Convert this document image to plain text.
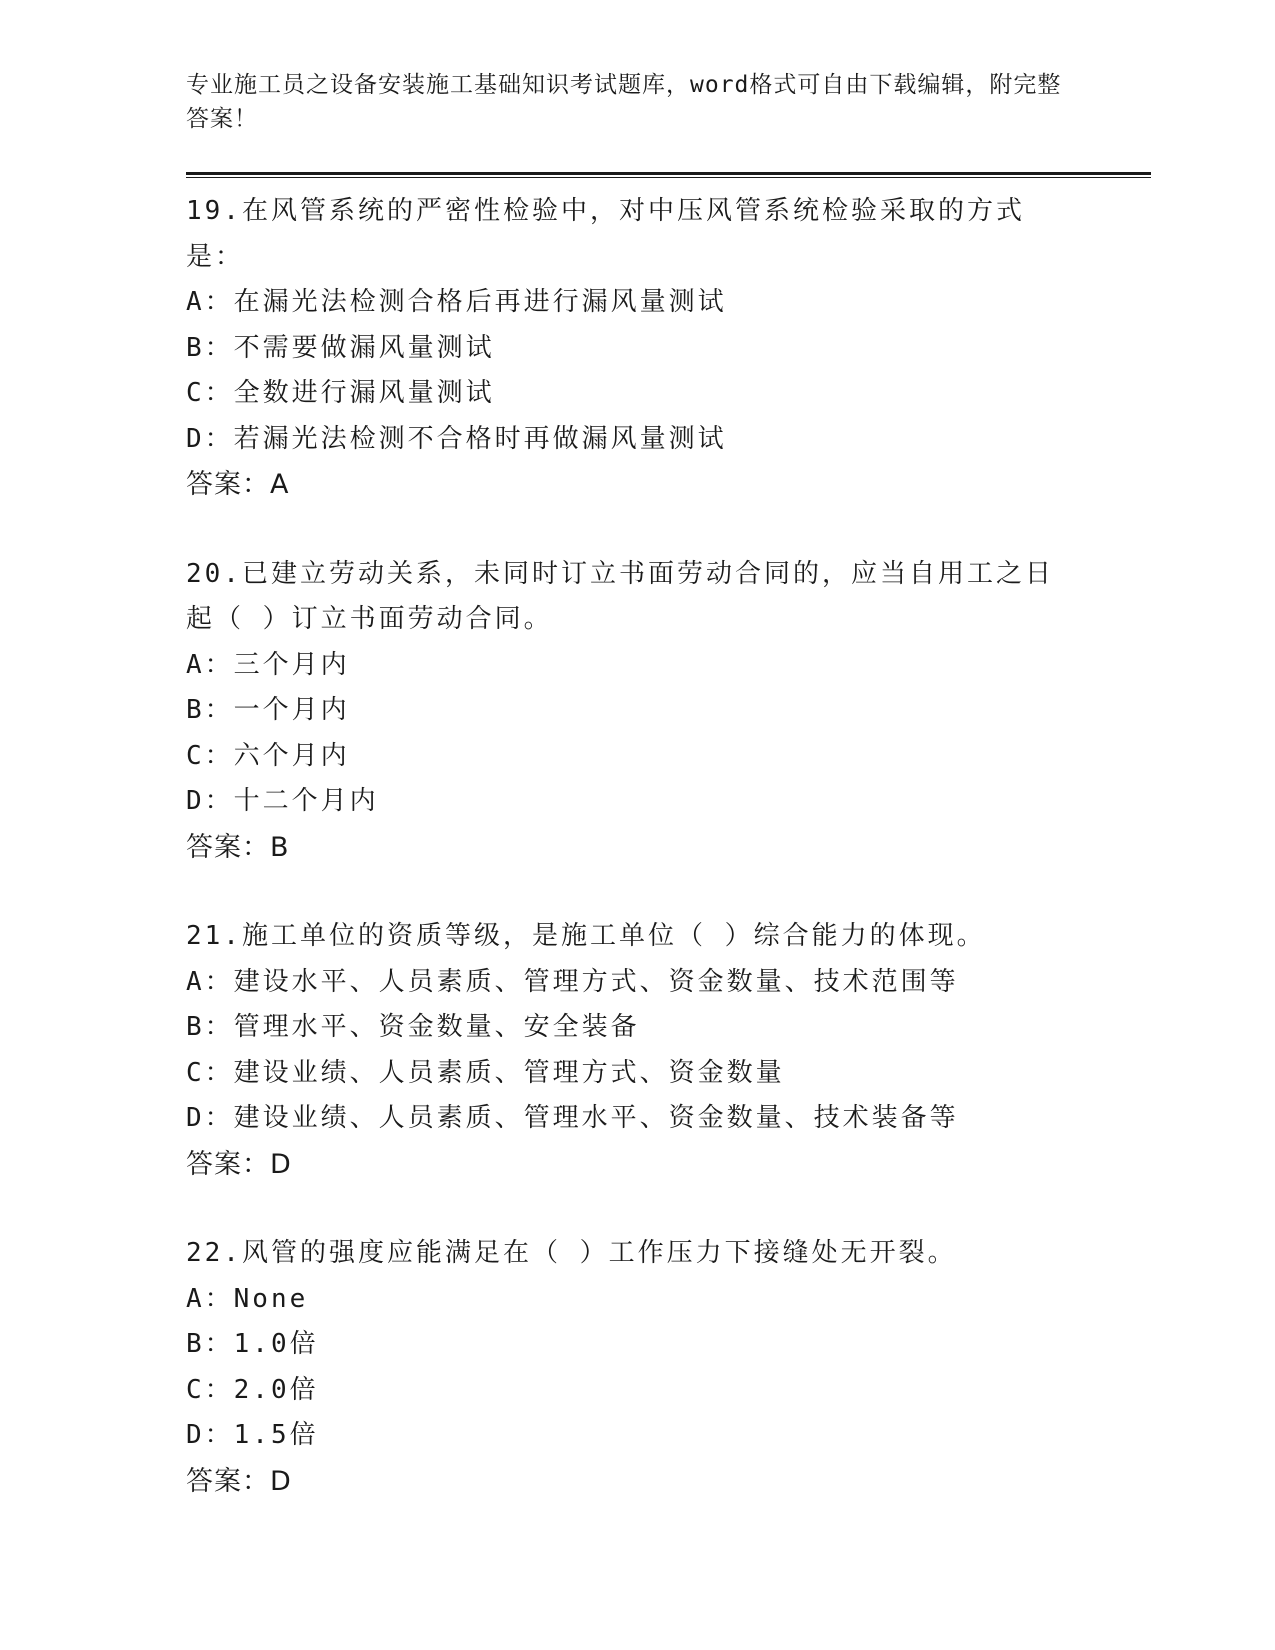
专业施工员之设备安装施工基础知识考试题库，word格式可自由下载编辑，附完整答案！

19.在风管系统的严密性检验中，对中压风管系统检验采取的方式是：
A：在漏光法检测合格后再进行漏风量测试
B：不需要做漏风量测试
C：全数进行漏风量测试
D：若漏光法检测不合格时再做漏风量测试
答案：A
20.已建立劳动关系，未同时订立书面劳动合同的，应当自用工之日起（ ）订立书面劳动合同。
A：三个月内
B：一个月内
C：六个月内
D：十二个月内
答案：B
21.施工单位的资质等级，是施工单位（ ）综合能力的体现。
A：建设水平、人员素质、管理方式、资金数量、技术范围等
B：管理水平、资金数量、安全装备
C：建设业绩、人员素质、管理方式、资金数量
D：建设业绩、人员素质、管理水平、资金数量、技术装备等
答案：D
22.风管的强度应能满足在（ ）工作压力下接缝处无开裂。
A：None
B：1.0倍
C：2.0倍
D：1.5倍
答案：D
